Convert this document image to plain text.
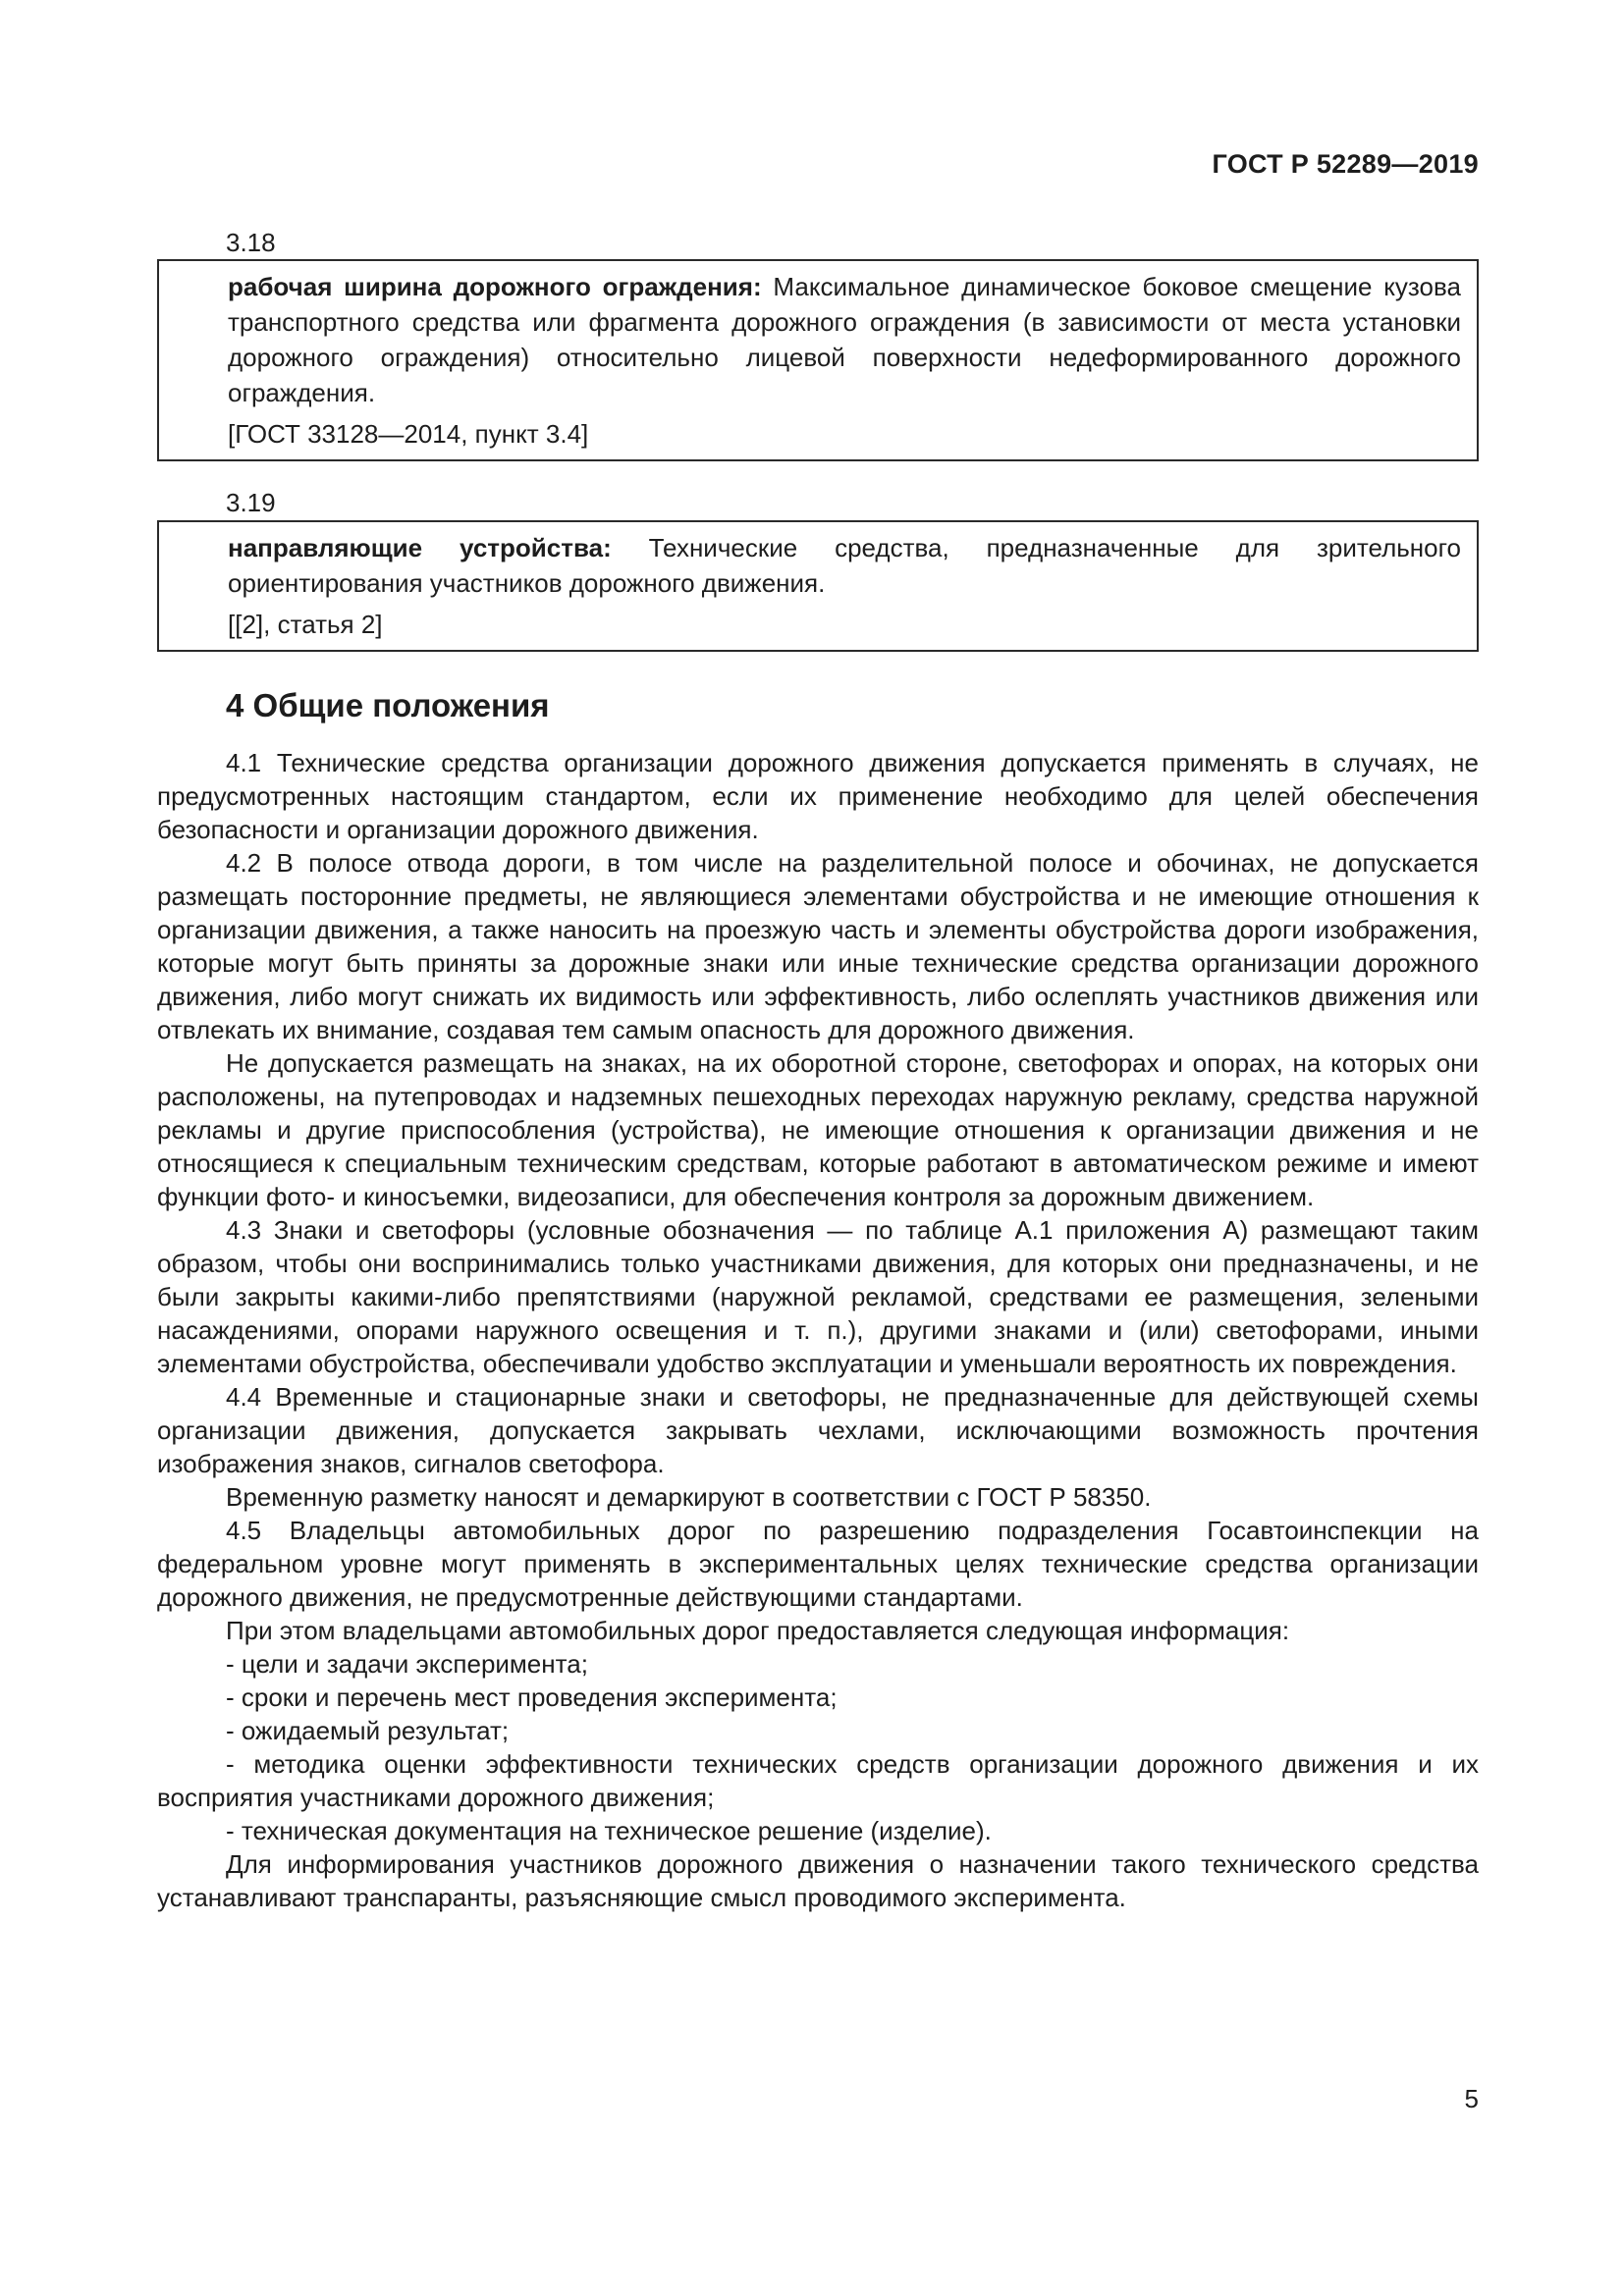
ГОСТ Р 52289—2019
3.18
рабочая ширина дорожного ограждения: Максимальное динамическое боковое смещение кузова транспортного средства или фрагмента дорожного ограждения (в зависимости от места установки дорожного ограждения) относительно лицевой поверхности недеформированного дорожного ограждения.
[ГОСТ 33128—2014, пункт 3.4]
3.19
направляющие устройства: Технические средства, предназначенные для зрительного ориентирования участников дорожного движения.
[[2], статья 2]
4 Общие положения

4.1 Технические средства организации дорожного движения допускается применять в случаях, не предусмотренных настоящим стандартом, если их применение необходимо для целей обеспечения безопасности и организации дорожного движения.

4.2 В полосе отвода дороги, в том числе на разделительной полосе и обочинах, не допускается размещать посторонние предметы, не являющиеся элементами обустройства и не имеющие отношения к организации движения, а также наносить на проезжую часть и элементы обустройства дороги изображения, которые могут быть приняты за дорожные знаки или иные технические средства организации дорожного движения, либо могут снижать их видимость или эффективность, либо ослеплять участников движения или отвлекать их внимание, создавая тем самым опасность для дорожного движения.

Не допускается размещать на знаках, на их оборотной стороне, светофорах и опорах, на которых они расположены, на путепроводах и надземных пешеходных переходах наружную рекламу, средства наружной рекламы и другие приспособления (устройства), не имеющие отношения к организации движения и не относящиеся к специальным техническим средствам, которые работают в автоматическом режиме и имеют функции фото- и киносъемки, видеозаписи, для обеспечения контроля за дорожным движением.

4.3 Знаки и светофоры (условные обозначения — по таблице А.1 приложения А) размещают таким образом, чтобы они воспринимались только участниками движения, для которых они предназначены, и не были закрыты какими-либо препятствиями (наружной рекламой, средствами ее размещения, зелеными насаждениями, опорами наружного освещения и т. п.), другими знаками и (или) светофорами, иными элементами обустройства, обеспечивали удобство эксплуатации и уменьшали вероятность их повреждения.

4.4 Временные и стационарные знаки и светофоры, не предназначенные для действующей схемы организации движения, допускается закрывать чехлами, исключающими возможность прочтения изображения знаков, сигналов светофора.

Временную разметку наносят и демаркируют в соответствии с ГОСТ Р 58350.

4.5 Владельцы автомобильных дорог по разрешению подразделения Госавтоинспекции на федеральном уровне могут применять в экспериментальных целях технические средства организации дорожного движения, не предусмотренные действующими стандартами.

При этом владельцами автомобильных дорог предоставляется следующая информация:

- цели и задачи эксперимента;

- сроки и перечень мест проведения эксперимента;

- ожидаемый результат;

- методика оценки эффективности технических средств организации дорожного движения и их восприятия участниками дорожного движения;

- техническая документация на техническое решение (изделие).

Для информирования участников дорожного движения о назначении такого технического средства устанавливают транспаранты, разъясняющие смысл проводимого эксперимента.

5
